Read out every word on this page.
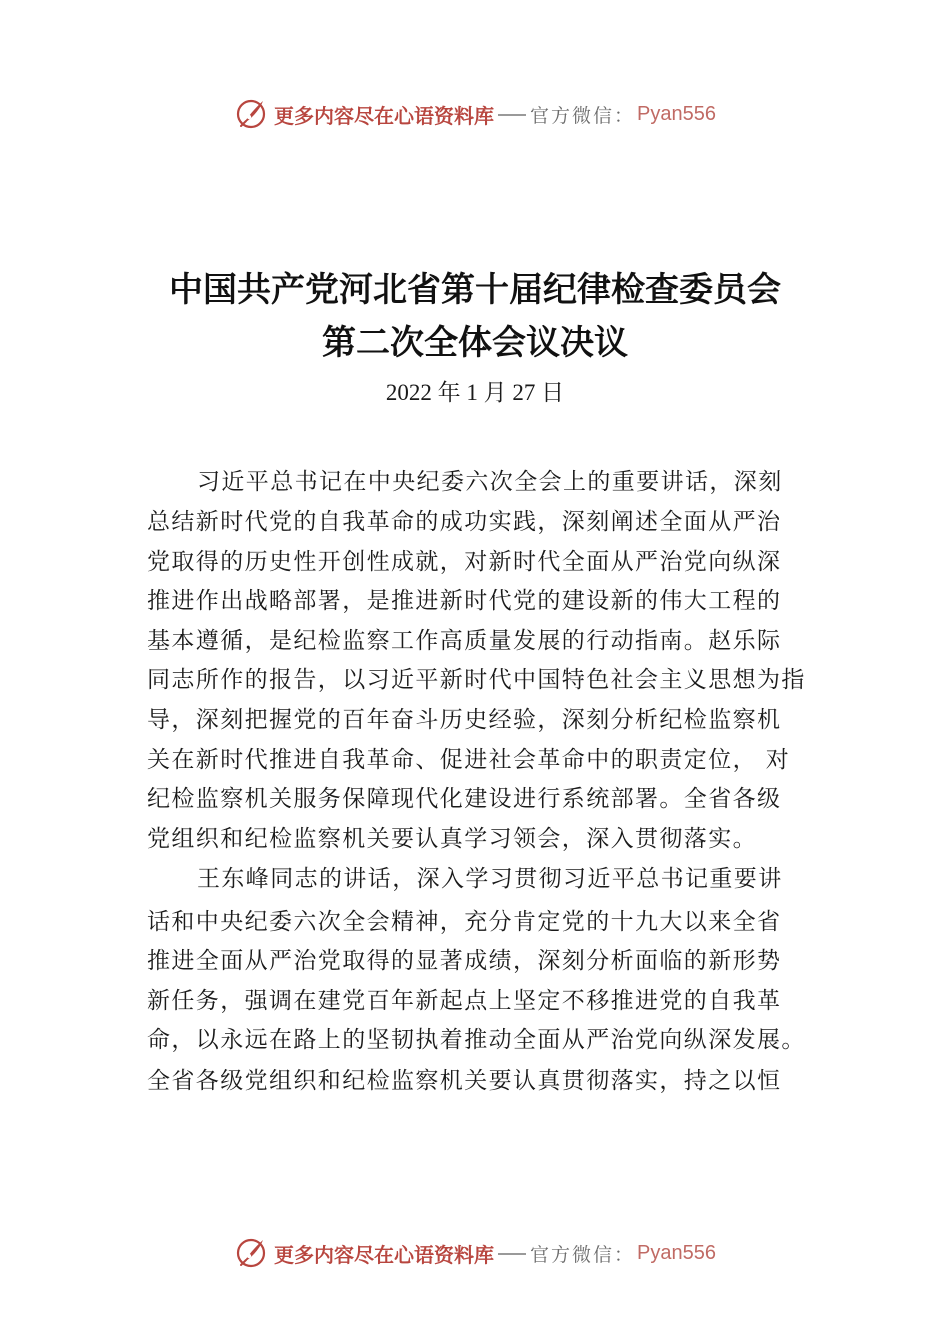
更多内容尽在心语资料库 官方微信： Pyan556
中国共产党河北省第十届纪律检查委员会
第二次全体会议决议
2022 年 1 月 27 日
习近平总书记在中央纪委六次全会上的重要讲话，深刻
总结新时代党的自我革命的成功实践，深刻阐述全面从严治
党取得的历史性开创性成就，对新时代全面从严治党向纵深
推进作出战略部署，是推进新时代党的建设新的伟大工程的
基本遵循，是纪检监察工作高质量发展的行动指南。赵乐际
同志所作的报告，以习近平新时代中国特色社会主义思想为指
导，深刻把握党的百年奋斗历史经验，深刻分析纪检监察机
关在新时代推进自我革命、促进社会革命中的职责定位， 对
纪检监察机关服务保障现代化建设进行系统部署。全省各级
党组织和纪检监察机关要认真学习领会，深入贯彻落实。
王东峰同志的讲话，深入学习贯彻习近平总书记重要讲
话和中央纪委六次全会精神，充分肯定党的十九大以来全省
推进全面从严治党取得的显著成绩，深刻分析面临的新形势
新任务，强调在建党百年新起点上坚定不移推进党的自我革
命，以永远在路上的坚韧执着推动全面从严治党向纵深发展。
全省各级党组织和纪检监察机关要认真贯彻落实，持之以恒
更多内容尽在心语资料库 官方微信： Pyan556
